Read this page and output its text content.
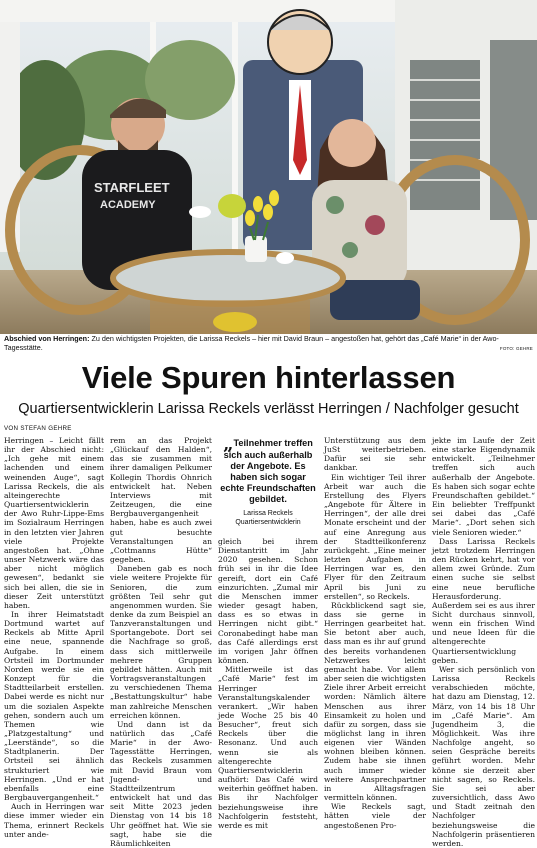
STARFLEET
ACADEMY
Abschied von Herringen: Zu den wichtigsten Projekten, die Larissa Reckels – hier mit David Braun – angestoßen hat, gehört das „Café Marie“ in der Awo-Tagesstätte.	FOTO: GEHRE
Viele Spuren hinterlassen
Quartiersentwicklerin Larissa Reckels verlässt Herringen / Nachfolger gesucht
VON STEFAN GEHRE

Herringen – Leicht fällt ihr der Abschied nicht: „Ich gehe mit einem lachenden und einem weinenden Auge“, sagt Larissa Reckels, die als alteingerechte Quartiersentwicklerin der Awo Ruhr-Lippe-Ems im Sozialraum Herringen in den letzten vier Jahren viele Projekte angestoßen hat. „Ohne unser Netzwerk wäre das aber nicht möglich gewesen“, bedankt sie sich bei allen, die sie in dieser Zeit unterstützt haben.

In ihrer Heimatstadt Dortmund wartet auf Reckels ab Mitte April eine neue, spannende Aufgabe. In einem Ortsteil im Dortmunder Norden werde sie ein Konzept für die Stadtteilarbeit erstellen. Dabei werde es nicht nur um die sozialen Aspekte gehen, sondern auch um Themen wie „Platzgestaltung“ und „Leerstände“, so die Stadtplanerin. Der Ortsteil sei ähnlich strukturiert wie Herringen. „Und er hat ebenfalls eine Bergbauvergangenheit.“

Auch in Herringen war diese immer wieder ein Thema, erinnert Reckels unter ande-

rem an das Projekt „Glückauf den Halden“, das sie zusammen mit ihrer damaligen Pelkumer Kollegin Thordis Ohnrich entwickelt hat. Neben Interviews mit Zeitzeugen, die eine Bergbauvergangenheit haben, habe es auch zwei gut besuchte Veranstaltungen an „Cottmanns Hütte“ gegeben.

Daneben gab es noch viele weitere Projekte für Senioren, die zum größten Teil sehr gut angenommen wurden. Sie denke da zum Beispiel an Tanzveranstaltungen und Sportangebote. Dort sei die Nachfrage so groß, dass sich mittlerweile mehrere Gruppen gebildet hätten. Auch mit Vortragsveranstaltungen zu verschiedenen Thema „Bestattungskultur“ habe man zahlreiche Menschen erreichen können.

Und dann ist da natürlich das „Café Marie“ in der Awo-Tagesstätte Herringen, das Reckels zusammen mit David Braun vom Jugend- und Stadtteilzentrum entwickelt hat und das seit Mitte 2023 jeden Dienstag von 14 bis 18 Uhr geöffnet hat. Wie sie sagt, habe sie die Räumlichkeiten

„Teilnehmer treffen sich auch außerhalb der Angebote. Es haben sich sogar echte Freundschaften gebildet.
Larissa Reckels
Quartiersentwicklerin

gleich bei ihrem Dienstantritt im Jahr 2020 gesehen. Schon früh sei in ihr die Idee gereift, dort ein Café einzurichten. „Zumal mir die Menschen immer wieder gesagt haben, dass es so etwas in Herringen nicht gibt.“ Coronabedingt habe man das Café allerdings erst im vorigen Jahr öffnen können.

Mittlerweile ist das „Café Marie“ fest im Herringer Veranstaltungskalender verankert. „Wir haben jede Woche 25 bis 40 Besucher“, freut sich Reckels über die Resonanz. Und auch wenn sie als altengerechte Quartiersentwicklerin aufhört: Das Café wird weiterhin geöffnet haben. Bis ihr Nachfolger beziehungsweise ihre Nachfolgerin feststeht, werde es mit

Unterstützung aus dem JuSt weiterbetrieben. Dafür sei sie sehr dankbar.

Ein wichtiger Teil ihrer Arbeit war auch die Erstellung des Flyers „Angebote für Ältere in Herringen“, der alle drei Monate erscheint und der auf eine Anregung aus der Stadtteilkonferenz zurückgeht. „Eine meiner letzten Aufgaben in Herringen war es, den Flyer für den Zeitraum April bis Juni zu erstellen“, so Reckels.

Rückblickend sagt sie, dass sie gerne in Herringen gearbeitet hat. Sie betont aber auch, dass man es ihr auf grund des bereits vorhandenen Netzwerkes leicht gemacht habe. Vor allem aber seien die wichtigsten Ziele ihrer Arbeit erreicht worden: Nämlich ältere Menschen aus ihrer Einsamkeit zu holen und dafür zu sorgen, dass sie möglichst lang in ihren eigenen vier Wänden wohnen bleiben können. Zudem habe sie ihnen auch immer wieder weitere Ansprechpartner in Alltagsfragen vermitteln können.

Wie Reckels sagt, hätten viele der angestoßenen Pro-

jekte im Laufe der Zeit eine starke Eigendynamik entwickelt. „Teilnehmer treffen sich auch außerhalb der Angebote. Es haben sich sogar echte Freundschaften gebildet.“ Ein beliebter Treffpunkt sei dabei das „Café Marie“. „Dort sehen sich viele Senioren wieder.“

Dass Larissa Reckels jetzt trotzdem Herringen den Rücken kehrt, hat vor allem zwei Gründe. Zum einen suche sie selbst eine neue berufliche Herausforderung. Außerdem sei es aus ihrer Sicht durchaus sinnvoll, wenn ein frischen Wind und neue Ideen für die altengerechte Quartiersentwicklung geben.

Wer sich persönlich von Larissa Reckels verabschieden möchte, hat dazu am Dienstag, 12. März, von 14 bis 18 Uhr im „Café Marie“. Am Jugendheim 3, die Möglichkeit. Was ihre Nachfolge angeht, so seien Gespräche bereits geführt worden. Mehr könne sie derzeit aber nicht sagen, so Reckels. Sie sei aber zuversichtlich, dass Awo und Stadt zeitnah den Nachfolger beziehungsweise die Nachfolgerin präsentieren werden.
